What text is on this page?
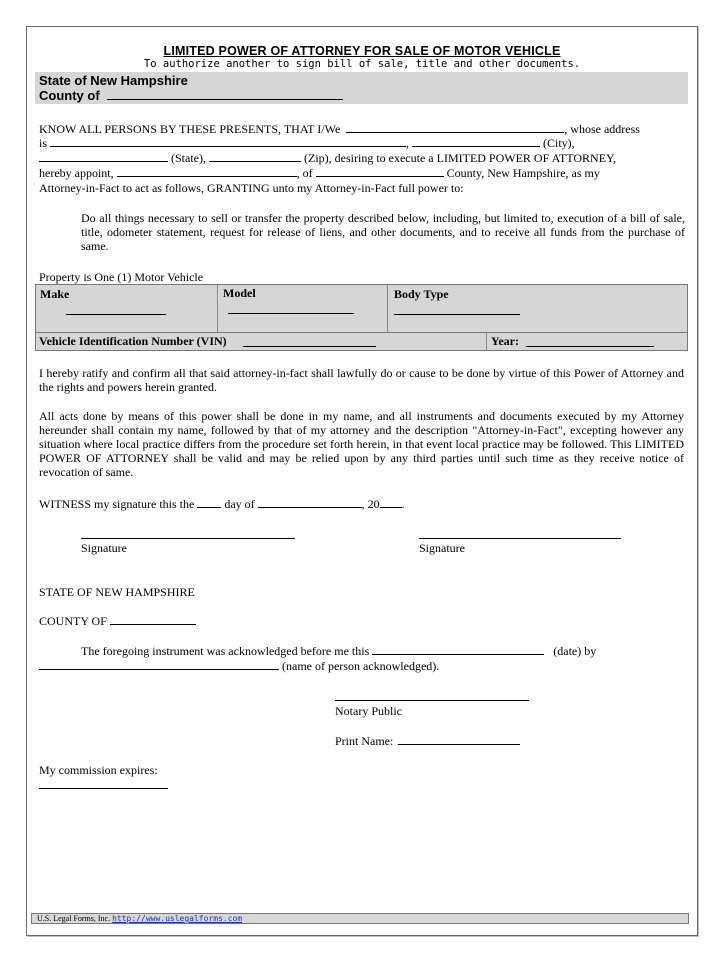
LIMITED POWER OF ATTORNEY FOR SALE OF MOTOR VEHICLE
To authorize another to sign bill of sale, title and other documents.
State of New Hampshire
County of
KNOW ALL PERSONS BY THESE PRESENTS, THAT I/We	, whose address
is	,	(City),
(State),	(Zip), desiring to execute a LIMITED POWER OF ATTORNEY,
hereby appoint,	, of	County, New Hampshire, as my
Attorney-in-Fact to act as follows, GRANTING unto my Attorney-in-Fact full power to:
Do all things necessary to sell or transfer the property described below, including, but limited to, execution of a bill of sale, title, odometer statement, request for release of liens, and other documents, and to receive all funds from the purchase of same.
Property is One (1) Motor Vehicle
Make	Model	Body Type
Vehicle Identification Number (VIN)	Year:
I hereby ratify and confirm all that said attorney-in-fact shall lawfully do or cause to be done by virtue of this Power of Attorney and the rights and powers herein granted.
All acts done by means of this power shall be done in my name, and all instruments and documents executed by my Attorney hereunder shall contain my name, followed by that of my attorney and the description "Attorney-in-Fact", excepting however any situation where local practice differs from the procedure set forth herein, in that event local practice may be followed. This LIMITED POWER OF ATTORNEY shall be valid and may be relied upon by any third parties until such time as they receive notice of revocation of same.
WITNESS my signature this the	day of	, 20 .
Signature	Signature
STATE OF NEW HAMPSHIRE
COUNTY OF
The foregoing instrument was acknowledged before me this	(date) by
(name of person acknowledged).
Notary Public
Print Name:
My commission expires:
U.S. Legal Forms, Inc. http://www.uslegalforms.com
